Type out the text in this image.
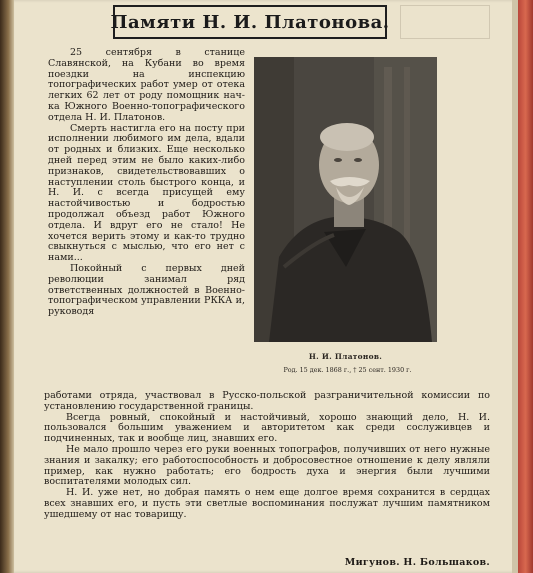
Памяти Н. И. Платонова.

25 сентября в станице Славянской, на Кубани во время поездки на инспекцию топографических работ умер от отека легких 62 лет от роду помощник нач-ка Южного Военно-топографического отдела Н. И. Платонов.

Смерть настигла его на посту при исполнении любимого им дела, вдали от родных и близких. Еще несколько дней перед этим не было каких-либо признаков, свидетельствовавших о наступлении столь быстрого конца, и Н. И. с всегда присущей ему настойчивостью и бодростью продолжал объезд работ Южного отдела. И вдруг его не стало! Не хочется верить этому и как-то трудно свыкнуться с мыслью, что его нет с нами...

Покойный с первых дней революции занимал ряд ответственных должностей в Военно-топографическом управлении РККА и, руководя

Н. И. Платонов.
Род. 15 дек. 1868 г., † 25 сент. 1930 г.

работами отряда, участвовал в Русско-польской разграничительной комиссии по установлению государственной границы.

Всегда ровный, спокойный и настойчивый, хорошо знающий дело, Н. И. пользовался большим уважением и авторитетом как среди сослуживцев и подчиненных, так и вообще лиц, знавших его.

Не мало прошло через его руки военных топографов, получивших от него нужные знания и закалку; его работоспособность и добросовестное отношение к делу являли пример, как нужно работать; его бодрость духа и энергия были лучшими воспитателями молодых сил.

Н. И. уже нет, но добрая память о нем еще долгое время сохранится в сердцах всех знавших его, и пусть эти светлые воспоминания послужат лучшим памятником ушедшему от нас товарищу.

Мигунов. Н. Большаков.
